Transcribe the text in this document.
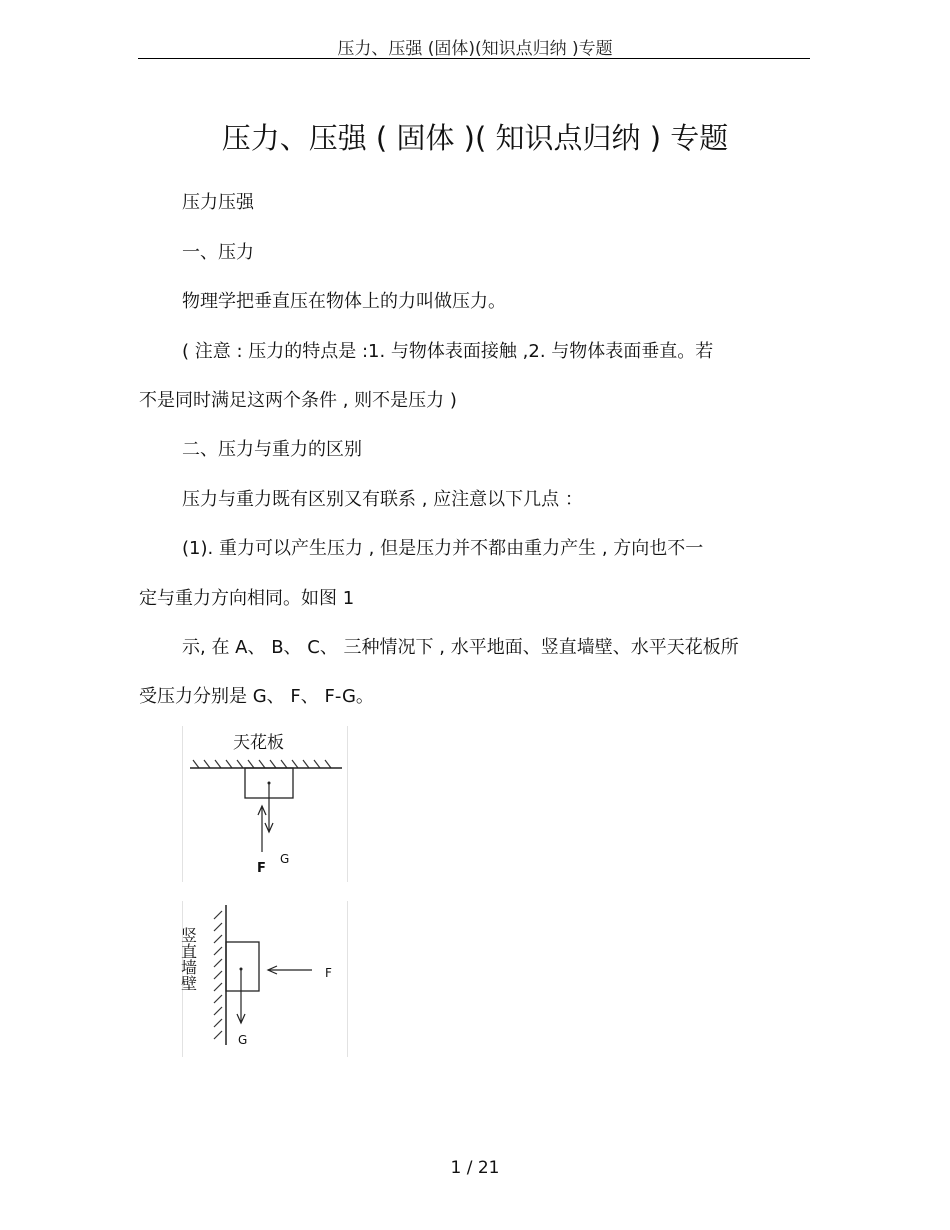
压力、压强 (固体)(知识点归纳 )专题
压力、压强 ( 固体 )( 知识点归纳 ) 专题
压力压强
一、压力
物理学把垂直压在物体上的力叫做压力。
( 注意 : 压力的特点是 :1. 与物体表面接触 ,2. 与物体表面垂直。若
不是同时满足这两个条件 , 则不是压力 )
二、压力与重力的区别
压力与重力既有区别又有联系 , 应注意以下几点 ：
(1). 重力可以产生压力 , 但是压力并不都由重力产生 , 方向也不一
定与重力方向相同。如图 1
示, 在 A、 B、 C、 三种情况下 , 水平地面、竖直墙壁、水平天花板所
受压力分别是 G、 F、 F-G。
天花板
F
G
竖直墙壁	F
G
1 / 21
